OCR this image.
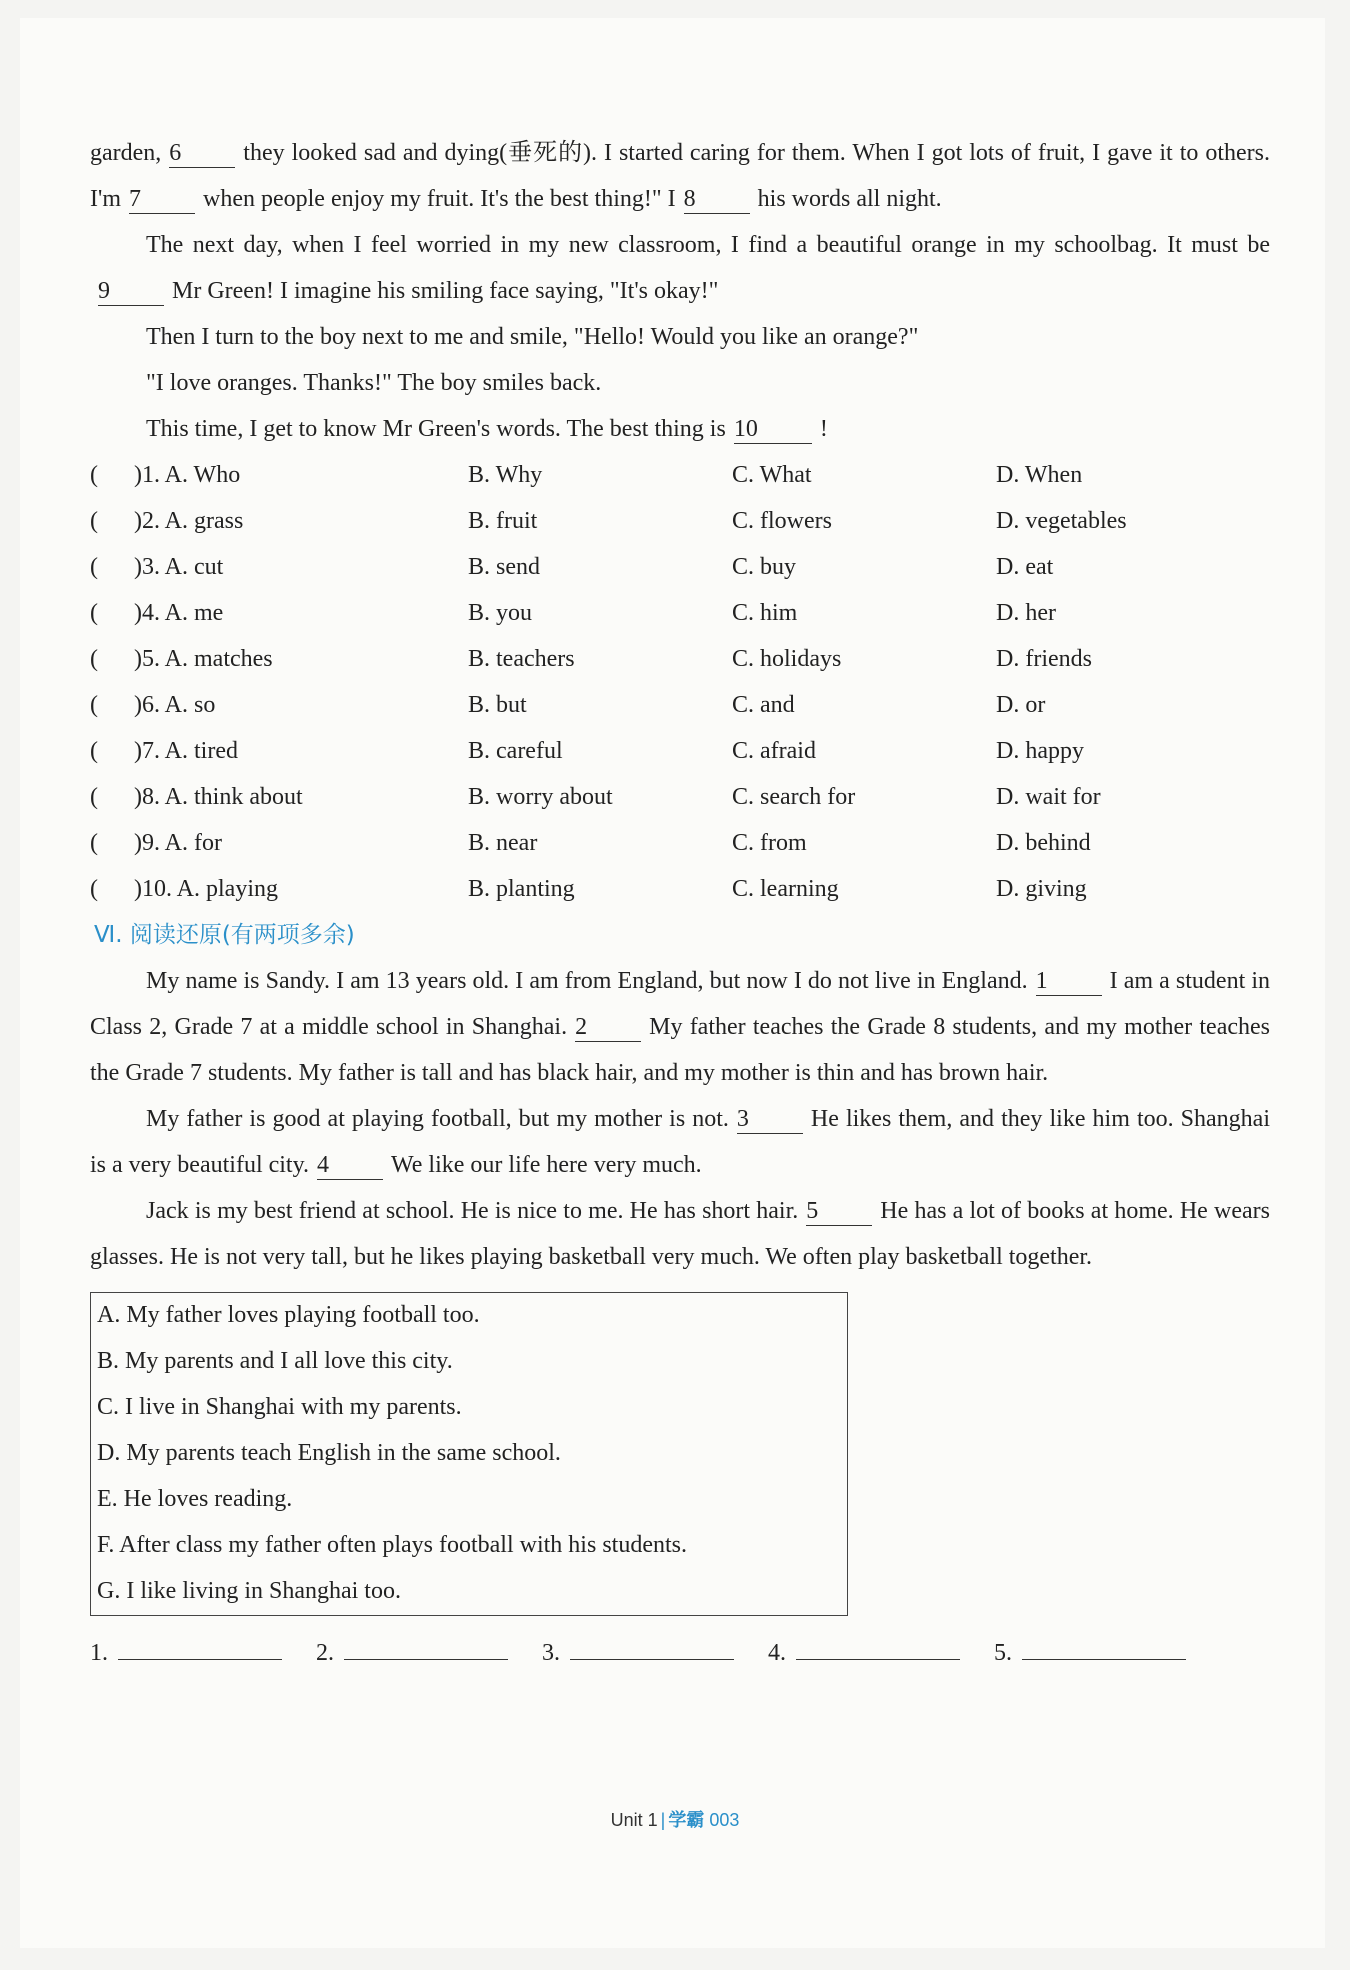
garden, 6	they looked sad and dying(垂死的). I started caring for them. When I got lots of fruit, I gave it to others. I'm 7	when people enjoy my fruit. It's the best thing!" I 8	his words all night.

The next day, when I feel worried in my new classroom, I find a beautiful orange in my schoolbag. It must be9	Mr Green! I imagine his smiling face saying, "It's okay!"

Then I turn to the boy next to me and smile, "Hello! Would you like an orange?"

"I love oranges. Thanks!" The boy smiles back.

This time, I get to know Mr Green's words. The best thing is 10	!

(      )1. A. Who	B. Why	C. What	D. When
(      )2. A. grass	B. fruit	C. flowers	D. vegetables
(      )3. A. cut	B. send	C. buy	D. eat
(      )4. A. me	B. you	C. him	D. her
(      )5. A. matches	B. teachers	C. holidays	D. friends
(      )6. A. so	B. but	C. and	D. or
(      )7. A. tired	B. careful	C. afraid	D. happy
(      )8. A. think about	B. worry about	C. search for	D. wait for
(      )9. A. for	B. near	C. from	D. behind
(      )10. A. playing	B. planting	C. learning	D. giving
Ⅵ. 阅读还原(有两项多余)

My name is Sandy. I am 13 years old. I am from England, but now I do not live in England. 1	I am a student in Class 2, Grade 7 at a middle school in Shanghai. 2	My father teaches the Grade 8 students, and my mother teaches the Grade 7 students. My father is tall and has black hair, and my mother is thin and has brown hair.

My father is good at playing football, but my mother is not. 3	He likes them, and they like him too. Shanghai is a very beautiful city. 4	We like our life here very much.

Jack is my best friend at school. He is nice to me. He has short hair. 5	He has a lot of books at home. He wears glasses. He is not very tall, but he likes playing basketball very much. We often play basketball together.

A. My father loves playing football too.
B. My parents and I all love this city.
C. I live in Shanghai with my parents.
D. My parents teach English in the same school.
E. He loves reading.
F. After class my father often plays football with his students.
G. I like living in Shanghai too.
1.	2.	3.	4.	5.
Unit 1 | 学霸 003
